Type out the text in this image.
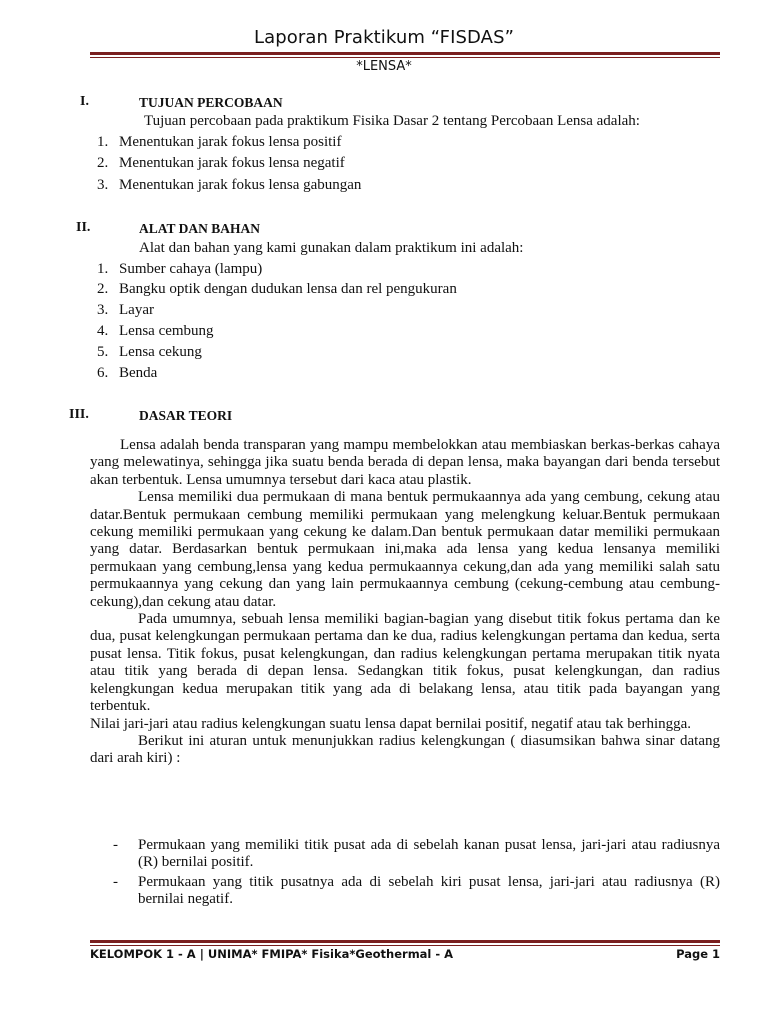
Laporan Praktikum “FISDAS”
*LENSA*
I.	TUJUAN PERCOBAAN
Tujuan percobaan pada praktikum Fisika Dasar 2 tentang Percobaan Lensa adalah:
1. Menentukan jarak fokus lensa positif
2. Menentukan jarak fokus lensa negatif
3. Menentukan jarak fokus lensa gabungan
II.	ALAT DAN BAHAN
Alat dan bahan yang kami gunakan dalam praktikum ini adalah:
1. Sumber cahaya (lampu)
2. Bangku optik dengan dudukan lensa dan rel pengukuran
3. Layar
4. Lensa cembung
5. Lensa cekung
6. Benda
III.	DASAR TEORI

Lensa adalah benda transparan yang mampu membelokkan atau membiaskan berkas-berkas cahaya yang melewatinya, sehingga jika suatu benda berada di depan lensa, maka bayangan dari benda tersebut akan terbentuk. Lensa umumnya tersebut dari kaca atau plastik.

Lensa memiliki dua permukaan di mana bentuk permukaannya ada yang cembung, cekung atau datar.Bentuk permukaan cembung memiliki permukaan yang melengkung keluar.Bentuk permukaan cekung memiliki permukaan yang cekung ke dalam.Dan bentuk permukaan datar memiliki permukaan yang datar. Berdasarkan bentuk permukaan ini,maka ada lensa yang kedua lensanya memiliki permukaan yang cembung,lensa yang kedua permukaannya cekung,dan ada yang memiliki salah satu permukaannya yang cekung dan yang lain permukaannya cembung (cekung-cembung atau cembung-cekung),dan cekung atau datar.

Pada umumnya, sebuah lensa memiliki bagian-bagian yang disebut titik fokus pertama dan ke dua, pusat kelengkungan permukaan pertama dan ke dua, radius kelengkungan pertama dan kedua, serta pusat lensa. Titik fokus, pusat kelengkungan, dan radius kelengkungan pertama merupakan titik nyata atau titik yang berada di depan lensa. Sedangkan titik fokus, pusat kelengkungan, dan radius kelengkungan kedua merupakan titik yang ada di belakang lensa, atau titik pada bayangan yang terbentuk.

Nilai jari-jari atau radius kelengkungan suatu lensa dapat bernilai positif, negatif atau tak berhingga.

Berikut ini aturan untuk menunjukkan radius kelengkungan ( diasumsikan bahwa sinar datang dari arah kiri) :

- Permukaan yang memiliki titik pusat ada di sebelah kanan pusat lensa, jari-jari atau radiusnya (R) bernilai positif.
- Permukaan yang titik pusatnya ada di sebelah kiri pusat lensa, jari-jari atau radiusnya (R) bernilai negatif.
KELOMPOK 1 - A | UNIMA* FMIPA* Fisika*Geothermal - A	Page 1
